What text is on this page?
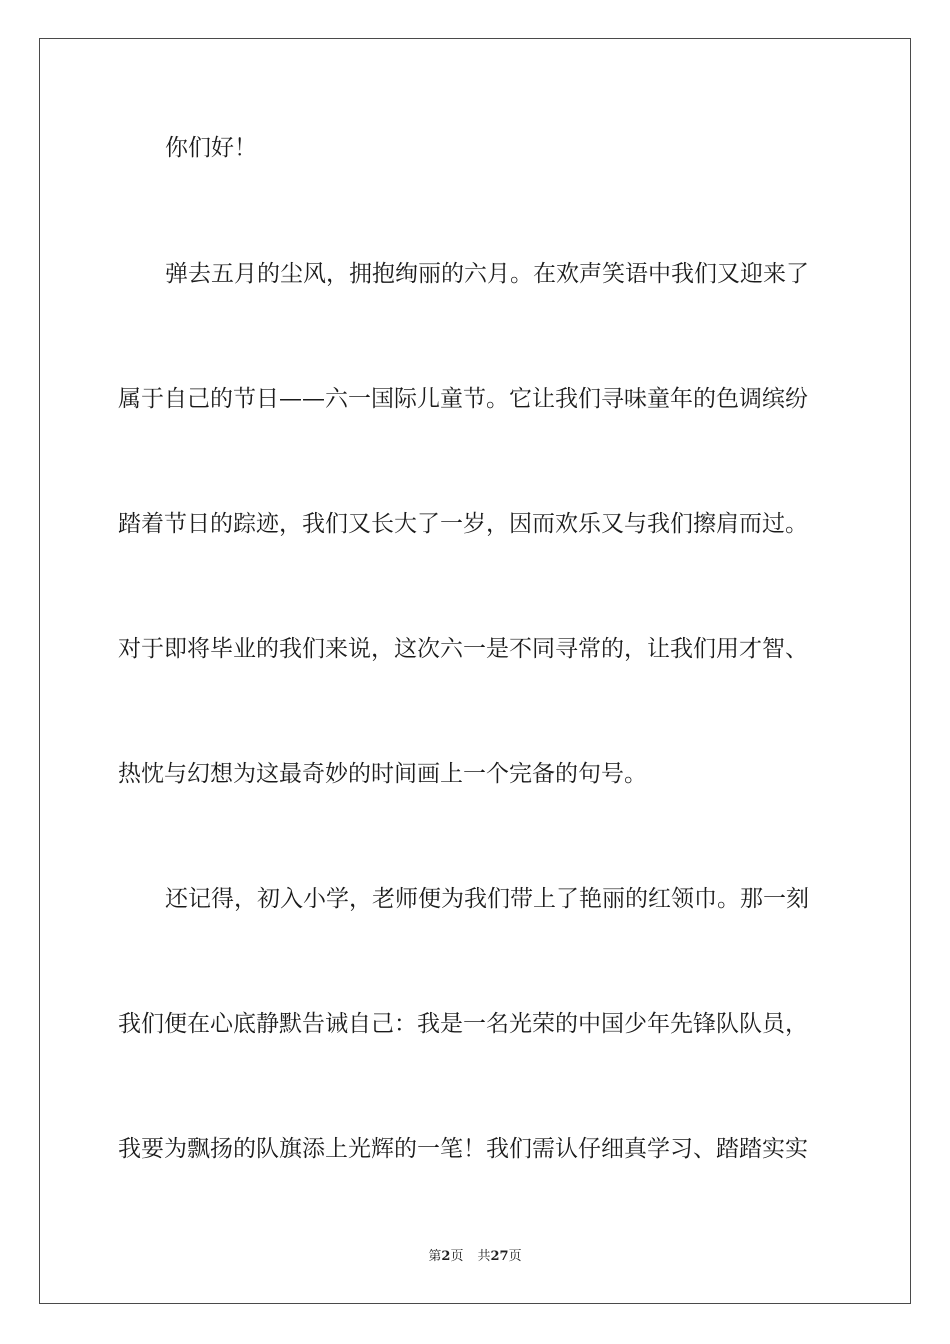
你们好！
弹去五月的尘风，拥抱绚丽的六月。在欢声笑语中我们又迎来了
属于自己的节日——六一国际儿童节。它让我们寻味童年的色调缤纷
踏着节日的踪迹，我们又长大了一岁，因而欢乐又与我们擦肩而过。
对于即将毕业的我们来说，这次六一是不同寻常的，让我们用才智、
热忱与幻想为这最奇妙的时间画上一个完备的句号。
还记得，初入小学，老师便为我们带上了艳丽的红领巾。那一刻
我们便在心底静默告诫自己：我是一名光荣的中国少年先锋队队员，
我要为飘扬的队旗添上光辉的一笔！我们需认仔细真学习、踏踏实实
第2页 共27页
